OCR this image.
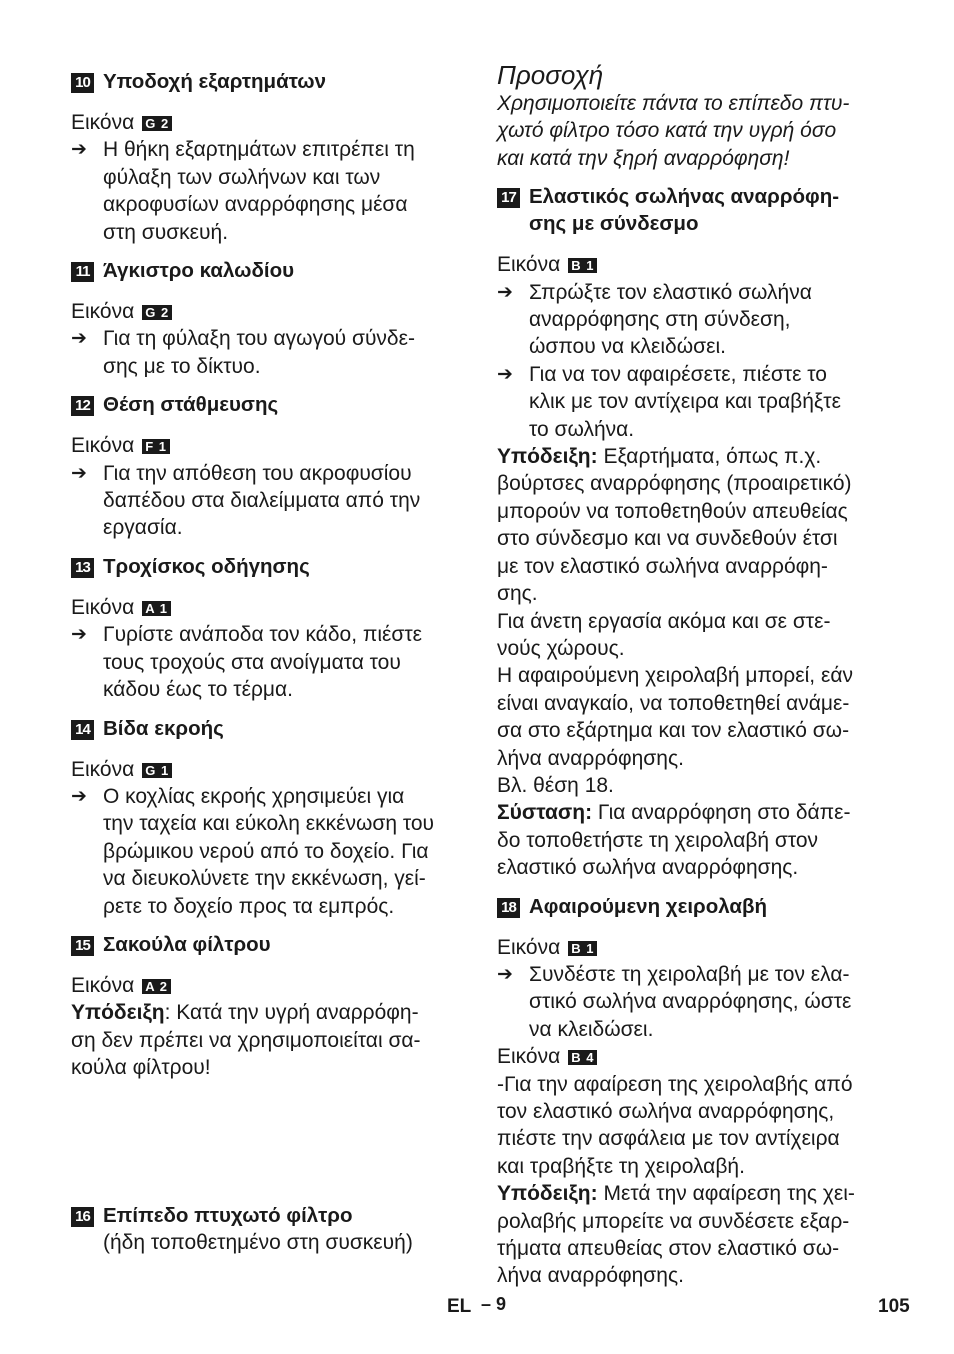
10 Υποδοχή εξαρτημάτων

Εικόνα G 2

➔ Η θήκη εξαρτημάτων επιτρέπει τη
φύλαξη των σωλήνων και των
ακροφυσίων αναρρόφησης μέσα
στη συσκευή.
11 Άγκιστρο καλωδίου

Εικόνα G 2

➔ Για τη φύλαξη του αγωγού σύνδε-
σης με το δίκτυο.
12 Θέση στάθμευσης

Εικόνα F 1

➔ Για την απόθεση του ακροφυσίου
δαπέδου στα διαλείμματα από την
εργασία.
13 Τροχίσκος οδήγησης

Εικόνα A 1

➔ Γυρίστε ανάποδα τον κάδο, πιέστε
τους τροχούς στα ανοίγματα του
κάδου έως το τέρμα.
14 Βίδα εκροής

Εικόνα G 1

➔ Ο κοχλίας εκροής χρησιμεύει για
την ταχεία και εύκολη εκκένωση του
βρώμικου νερού από το δοχείο. Για
να διευκολύνετε την εκκένωση, γεί-
ρετε το δοχείο προς τα εμπρός.
15 Σακούλα φίλτρου

Εικόνα A 2

Υπόδειξη: Κατά την υγρή αναρρόφη-
ση δεν πρέπει να χρησιμοποιείται σα-
κούλα φίλτρου!

16 Επίπεδο πτυχωτό φίλτρο

(ήδη τοποθετημένο στη συσκευή)

Προσοχή

Χρησιμοποιείτε πάντα το επίπεδο πτυ-
χωτό φίλτρο τόσο κατά την υγρή όσο
και κατά την ξηρή αναρρόφηση!

17 Ελαστικός σωλήνας αναρρόφη-
σης με σύνδεσμο

Εικόνα B 1

➔ Σπρώξτε τον ελαστικό σωλήνα
αναρρόφησης στη σύνδεση,
ώσπου να κλειδώσει.
➔ Για να τον αφαιρέσετε, πιέστε το
κλικ με τον αντίχειρα και τραβήξτε
το σωλήνα.

Υπόδειξη: Εξαρτήματα, όπως π.χ.
βούρτσες αναρρόφησης (προαιρετικό)
μπορούν να τοποθετηθούν απευθείας
στο σύνδεσμο και να συνδεθούν έτσι
με τον ελαστικό σωλήνα αναρρόφη-
σης.
Για άνετη εργασία ακόμα και σε στε-
νούς χώρους.
Η αφαιρούμενη χειρολαβή μπορεί, εάν
είναι αναγκαίο, να τοποθετηθεί ανάμε-
σα στο εξάρτημα και τον ελαστικό σω-
λήνα αναρρόφησης.
Βλ. θέση 18.

Σύσταση: Για αναρρόφηση στο δάπε-
δο τοποθετήστε τη χειρολαβή στον
ελαστικό σωλήνα αναρρόφησης.

18 Αφαιρούμενη χειρολαβή

Εικόνα B 1

➔ Συνδέστε τη χειρολαβή με τον ελα-
στικό σωλήνα αναρρόφησης, ώστε
να κλειδώσει.

Εικόνα B 4

-Για την αφαίρεση της χειρολαβής από
τον ελαστικό σωλήνα αναρρόφησης,
πιέστε την ασφάλεια με τον αντίχειρα
και τραβήξτε τη χειρολαβή.

Υπόδειξη: Μετά την αφαίρεση της χει-
ρολαβής μπορείτε να συνδέσετε εξαρ-
τήματα απευθείας στον ελαστικό σω-
λήνα αναρρόφησης.

EL – 9	105
